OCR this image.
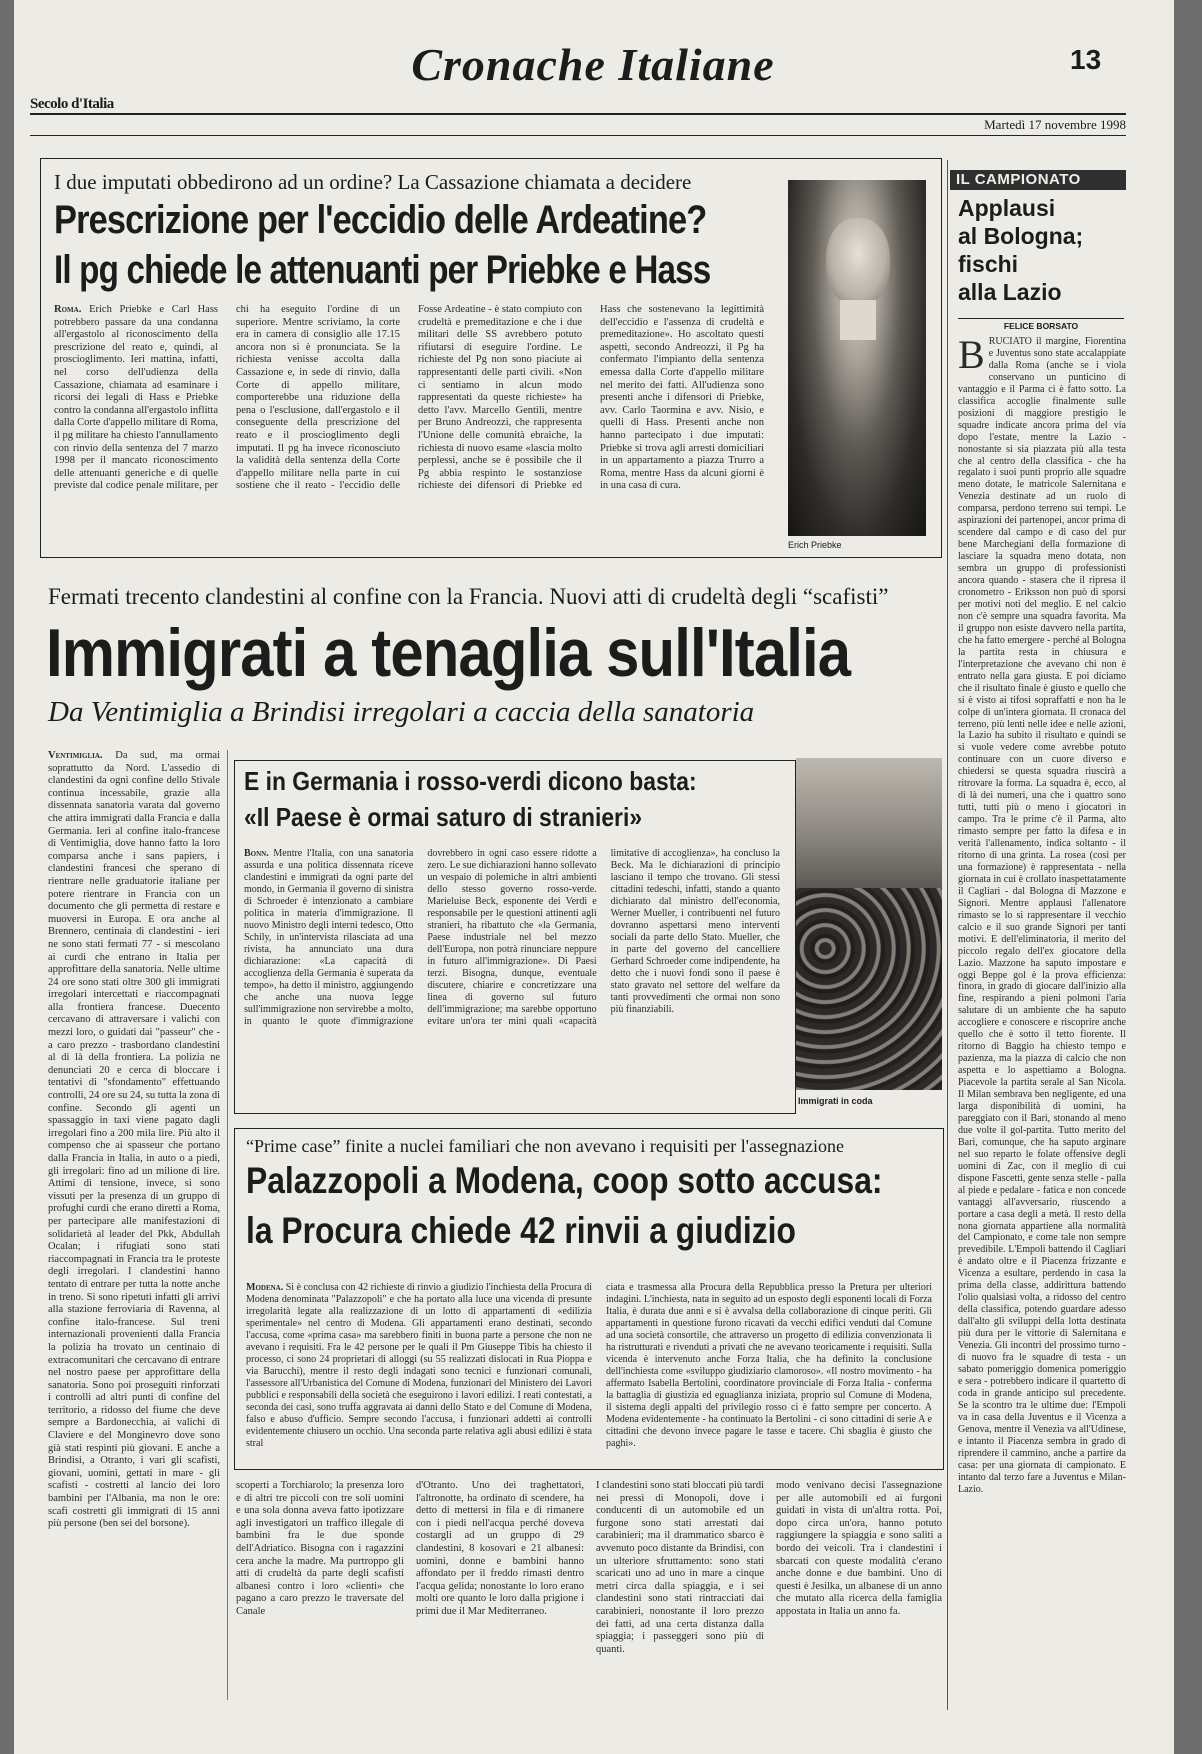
Secolo d'Italia
Cronache Italiane	13
Martedì 17 novembre 1998
I due imputati obbedirono ad un ordine? La Cassazione chiamata a decidere
Prescrizione per l'eccidio delle Ardeatine?
Il pg chiede le attenuanti per Priebke e Hass
Roma. Erich Priebke e Carl Hass potrebbero passare da una condanna all'ergastolo al riconoscimento della prescrizione del reato e, quindi, al proscioglimento. Ieri mattina, infatti, nel corso dell'udienza della Cassazione, chiamata ad esaminare i ricorsi dei legali di Hass e Priebke contro la condanna all'ergastolo inflitta dalla Corte d'appello militare di Roma, il pg militare ha chiesto l'annullamento con rinvio della sentenza del 7 marzo 1998 per il mancato riconoscimento delle attenuanti generiche e di quelle previste dal codice penale militare, per chi ha eseguito l'ordine di un superiore. Mentre scriviamo, la corte era in camera di consiglio alle 17.15 ancora non si è pronunciata. Se la richiesta venisse accolta dalla Cassazione e, in sede di rinvio, dalla Corte di appello militare, comporterebbe una riduzione della pena o l'esclusione, dall'ergastolo e il conseguente della prescrizione del reato e il proscioglimento degli imputati. Il pg ha invece riconosciuto la validità della sentenza della Corte d'appello militare nella parte in cui sostiene che il reato - l'eccidio delle Fosse Ardeatine - è stato compiuto con crudeltà e premeditazione e che i due militari delle SS avrebbero potuto rifiutarsi di eseguire l'ordine. Le richieste del Pg non sono piaciute ai rappresentanti delle parti civili. «Non ci sentiamo in alcun modo rappresentati da queste richieste» ha detto l'avv. Marcello Gentili, mentre per Bruno Andreozzi, che rappresenta l'Unione delle comunità ebraiche, la richiesta di nuovo esame «lascia molto perplessi, anche se è possibile che il Pg abbia respinto le sostanziose richieste dei difensori di Priebke ed Hass che sostenevano la legittimità dell'eccidio e l'assenza di crudeltà e premeditazione». Ho ascoltato questi aspetti, secondo Andreozzi, il Pg ha confermato l'impianto della sentenza emessa dalla Corte d'appello militare nel merito dei fatti. All'udienza sono presenti anche i difensori di Priebke, avv. Carlo Taormina e avv. Nisio, e quelli di Hass. Presenti anche non hanno partecipato i due imputati: Priebke si trova agli arresti domiciliari in un appartamento a piazza Trurro a Roma, mentre Hass da alcuni giorni è in una casa di cura.
Erich Priebke
IL CAMPIONATO
Applausi
al Bologna;
fischi
alla Lazio
FELICE BORSATO
B RUCIATO il margine, Fiorentina e Juventus sono state accalappiate dalla Roma (anche se i viola conservano un punticino di vantaggio e il Parma ci è fatto sotto. La classifica accoglie finalmente sulle posizioni di maggiore prestigio le squadre indicate ancora prima del via dopo l'estate, mentre la Lazio - nonostante si sia piazzata più alla testa che al centro della classifica - che ha regalato i suoi punti proprio alle squadre meno dotate, le matricole Salernitana e Venezia destinate ad un ruolo di comparsa, perdono terreno sui tempi. Le aspirazioni dei partenopei, ancor prima di scendere dal campo e di caso del pur bene Marchegiani della formazione di lasciare la squadra meno dotata, non sembra un gruppo di professionisti ancora quando - stasera che il ripresa il cronometro - Eriksson non può di sporsi per motivi noti del meglio. E nel calcio non c'è sempre una squadra favorita. Ma il gruppo non esiste davvero nella partita, che ha fatto emergere - perché al Bologna la partita resta in chiusura e l'interpretazione che avevano chi non è entrato nella gara giusta. E poi diciamo che il risultato finale è giusto e quello che si è visto ai tifosi sopraffatti e non ha le colpe di un'intera giornata. Il cronaca del terreno, più lenti nelle idee e nelle azioni, la Lazio ha subito il risultato e quindi se si vuole vedere come avrebbe potuto continuare con un cuore diverso e chiedersi se questa squadra riuscirà a ritrovare la forma. La squadra è, ecco, al di là dei numeri, una che i quattro sono tutti, tutti più o meno i giocatori in campo. Tra le prime c'è il Parma, alto rimasto sempre per fatto la difesa e in verità l'allenamento, indica soltanto - il ritorno di una grinta. La rosea (così per una formazione) è rappresentata - nella giornata in cui è crollato inaspettatamente il Cagliari - dal Bologna di Mazzone e Signori. Mentre applausi l'allenatore rimasto se lo si rappresentare il vecchio calcio e il suo grande Signori per tanti motivi. E dell'eliminatoria, il merito del piccolo regalo dell'ex giocatore della Lazio. Mazzone ha saputo impostare e oggi Beppe gol è la prova efficienza: finora, in grado di giocare dall'inizio alla fine, respirando a pieni polmoni l'aria salutare di un ambiente che ha saputo accogliere e conoscere e riscoprire anche quello che è sotto il tetto fiorente. Il ritorno di Baggio ha chiesto tempo e pazienza, ma la piazza di calcio che non aspetta e lo aspettiamo a Bologna. Piacevole la partita serale al San Nicola. Il Milan sembrava ben negligente, ed una larga disponibilità di uomini, ha pareggiato con il Bari, stonando al meno due volte il gol-partita. Tutto merito del Bari, comunque, che ha saputo arginare nel suo reparto le folate offensive degli uomini di Zac, con il meglio di cui dispone Fascetti, gente senza stelle - palla al piede e pedalare - fatica e non concede vantaggi all'avversario, riuscendo a portare a casa degli a metà. Il resto della nona giornata appartiene alla normalità del Campionato, e come tale non sempre prevedibile. L'Empoli battendo il Cagliari è andato oltre e il Piacenza frizzante e Vicenza a esultare, perdendo in casa la prima della classe, addirittura battendo l'olio qualsiasi volta, a ridosso del centro della classifica, potendo guardare adesso dall'alto gli sviluppi della lotta destinata più dura per le vittorie di Salernitana e Venezia. Gli incontri del prossimo turno - di nuovo fra le squadre di testa - un sabato pomeriggio domenica pomeriggio e sera - potrebbero indicare il quartetto di coda in grande anticipo sul precedente. Se la scontro tra le ultime due: l'Empoli va in casa della Juventus e il Vicenza a Genova, mentre il Venezia va all'Udinese, e intanto il Piacenza sembra in grado di riprendere il cammino, anche a partire da casa: per una giornata di campionato. E intanto dal terzo fare a Juventus e Milan-Lazio.
Fermati trecento clandestini al confine con la Francia. Nuovi atti di crudeltà degli “scafisti”
Immigrati a tenaglia sull'Italia
Da Ventimiglia a Brindisi irregolari a caccia della sanatoria
Ventimiglia. Da sud, ma ormai soprattutto da Nord. L'assedio di clandestini da ogni confine dello Stivale continua incessabile, grazie alla dissennata sanatoria varata dal governo che attira immigrati dalla Francia e dalla Germania. Ieri al confine italo-francese di Ventimiglia, dove hanno fatto la loro comparsa anche i sans papiers, i clandestini francesi che sperano di rientrare nelle graduatorie italiane per potere rientrare in Francia con un documento che gli permetta di restare e muoversi in Europa. E ora anche al Brennero, centinaia di clandestini - ieri ne sono stati fermati 77 - si mescolano ai curdi che entrano in Italia per approfittare della sanatoria. Nelle ultime 24 ore sono stati oltre 300 gli immigrati irregolari intercettati e riaccompagnati alla frontiera francese. Duecento cercavano di attraversare i valichi con mezzi loro, o guidati dai "passeur" che - a caro prezzo - trasbordano clandestini al di là della frontiera. La polizia ne denunciati 20 e cerca di bloccare i tentativi di "sfondamento" effettuando controlli, 24 ore su 24, su tutta la zona di confine. Secondo gli agenti un spassaggio in taxi viene pagato dagli irregolari fino a 200 mila lire. Più alto il compenso che ai spasseur che portano dalla Francia in Italia, in auto o a piedi, gli irregolari: fino ad un milione di lire. Attimi di tensione, invece, si sono vissuti per la presenza di un gruppo di profughi curdi che erano diretti a Roma, per partecipare alle manifestazioni di solidarietà al leader del Pkk, Abdullah Ocalan; i rifugiati sono stati riaccompagnati in Francia tra le proteste degli irregolari. I clandestini hanno tentato di entrare per tutta la notte anche in treno. Si sono ripetuti infatti gli arrivi alla stazione ferroviaria di Ravenna, al confine italo-francese. Sul treni internazionali provenienti dalla Francia la polizia ha trovato un centinaio di extracomunitari che cercavano di entrare nel nostro paese per approfittare della sanatoria. Sono poi proseguiti rinforzati i controlli ad altri punti di confine del territorio, a ridosso del fiume che deve sempre a Bardonecchia, ai valichi di Claviere e del Monginevro dove sono già stati respinti più giovani. E anche a Brindisi, a Otranto, i vari gli scafisti, giovani, uomini, gettati in mare - gli scafisti - costretti al lancio dei loro bambini per l'Albania, ma non le ore: scafi costretti gli immigrati di 15 anni più persone (ben sei del borsone).
E in Germania i rosso-verdi dicono basta:
«Il Paese è ormai saturo di stranieri»
Bonn. Mentre l'Italia, con una sanatoria assurda e una politica dissennata riceve clandestini e immigrati da ogni parte del mondo, in Germania il governo di sinistra di Schroeder è intenzionato a cambiare politica in materia d'immigrazione. Il nuovo Ministro degli interni tedesco, Otto Schily, in un'intervista rilasciata ad una rivista, ha annunciato una dura dichiarazione: «La capacità di accoglienza della Germania è superata da tempo», ha detto il ministro, aggiungendo che anche una nuova legge sull'immigrazione non servirebbe a molto, in quanto le quote d'immigrazione dovrebbero in ogni caso essere ridotte a zero. Le sue dichiarazioni hanno sollevato un vespaio di polemiche in altri ambienti dello stesso governo rosso-verde. Marieluise Beck, esponente dei Verdi e responsabile per le questioni attinenti agli stranieri, ha ribattuto che «la Germania, Paese industriale nel bel mezzo dell'Europa, non potrà rinunciare neppure in futuro all'immigrazione». Di Paesi terzi. Bisogna, dunque, eventuale discutere, chiarire e concretizzare una linea di governo sul futuro dell'immigrazione; ma sarebbe opportuno evitare un'ora ter mini quali «capacità limitative di accoglienza», ha concluso la Beck. Ma le dichiarazioni di principio lasciano il tempo che trovano. Gli stessi cittadini tedeschi, infatti, stando a quanto dichiarato dal ministro dell'economia, Werner Mueller, i contribuenti nel futuro dovranno aspettarsi meno interventi sociali da parte dello Stato. Mueller, che in parte del governo del cancelliere Gerhard Schroeder come indipendente, ha detto che i nuovi fondi sono il paese è stato gravato nel settore del welfare da tanti provvedimenti che ormai non sono più finanziabili.
Immigrati in coda
“Prime case” finite a nuclei familiari che non avevano i requisiti per l'assegnazione
Palazzopoli a Modena, coop sotto accusa:
la Procura chiede 42 rinvii a giudizio
Modena. Si è conclusa con 42 richieste di rinvio a giudizio l'inchiesta della Procura di Modena denominata "Palazzopoli" e che ha portato alla luce una vicenda di presunte irregolarità legate alla realizzazione di un lotto di appartamenti di «edilizia sperimentale» nel centro di Modena. Gli appartamenti erano destinati, secondo l'accusa, come «prima casa» ma sarebbero finiti in buona parte a persone che non ne avevano i requisiti. Fra le 42 persone per le quali il Pm Giuseppe Tibis ha chiesto il processo, ci sono 24 proprietari di alloggi (su 55 realizzati dislocati in Rua Pioppa e via Barucchi), mentre il resto degli indagati sono tecnici e funzionari comunali, l'assessore all'Urbanistica del Comune di Modena, funzionari del Ministero dei Lavori pubblici e responsabili della società che eseguirono i lavori edilizi. I reati contestati, a seconda dei casi, sono truffa aggravata ai danni dello Stato e del Comune di Modena, falso e abuso d'ufficio. Sempre secondo l'accusa, i funzionari addetti ai controlli evidentemente chiusero un occhio. Una seconda parte relativa agli abusi edilizi è stata stral
ciata e trasmessa alla Procura della Repubblica presso la Pretura per ulteriori indagini. L'inchiesta, nata in seguito ad un esposto degli esponenti locali di Forza Italia, è durata due anni e si è avvalsa della collaborazione di cinque periti. Gli appartamenti in questione furono ricavati da vecchi edifici venduti dal Comune ad una società consortile, che attraverso un progetto di edilizia convenzionata li ha ristrutturati e rivenduti a privati che ne avevano teoricamente i requisiti. Sulla vicenda è intervenuto anche Forza Italia, che ha definito la conclusione dell'inchiesta come «sviluppo giudiziario clamoroso». «Il nostro movimento - ha affermato Isabella Bertolini, coordinatore provinciale di Forza Italia - conferma la battaglia di giustizia ed eguaglianza iniziata, proprio sul Comune di Modena, il sistema degli appalti del privilegio rosso ci è fatto sempre per concerto. A Modena evidentemente - ha continuato la Bertolini - ci sono cittadini di serie A e cittadini che devono invece pagare le tasse e tacere. Chi sbaglia è giusto che paghi».
scoperti a Torchiarolo; la presenza loro e di altri tre piccoli con tre soli uomini e una sola donna aveva fatto ipotizzare agli investigatori un traffico illegale di bambini fra le due sponde dell'Adriatico. Bisogna con i ragazzini cera anche la madre. Ma purtroppo gli atti di crudeltà da parte degli scafisti albanesi contro i loro «clienti» che pagano a caro prezzo le traversate del Canale
d'Otranto. Uno dei traghettatori, l'altronotte, ha ordinato di scendere, ha detto di mettersi in fila e di rimanere con i piedi nell'acqua perché doveva costargli ad un gruppo di 29 clandestini, 8 kosovari e 21 albanesi: uomini, donne e bambini hanno affondato per il freddo rimasti dentro l'acqua gelida; nonostante lo loro erano molti ore quanto le loro dalla prigione i primi due il Mar Mediterraneo.
I clandestini sono stati bloccati più tardi nei pressi di Monopoli, dove i conducenti di un automobile ed un furgone sono stati arrestati dai carabinieri; ma il drammatico sbarco è avvenuto poco distante da Brindisi, con un ulteriore sfruttamento: sono stati scaricati uno ad uno in mare a cinque metri circa dalla spiaggia, e i sei clandestini sono stati rintracciati dai carabinieri, nonostante il loro prezzo dei fatti, ad una certa distanza dalla spiaggia; i passeggeri sono più di quanti.
modo venivano decisi l'assegnazione per alle automobili ed ai furgoni guidati in vista di un'altra rotta. Poi, dopo circa un'ora, hanno potuto raggiungere la spiaggia e sono saliti a bordo dei veicoli. Tra i clandestini i sbarcati con queste modalità c'erano anche donne e due bambini. Uno di questi è Jesilka, un albanese di un anno che mutato alla ricerca della famiglia appostata in Italia un anno fa.
